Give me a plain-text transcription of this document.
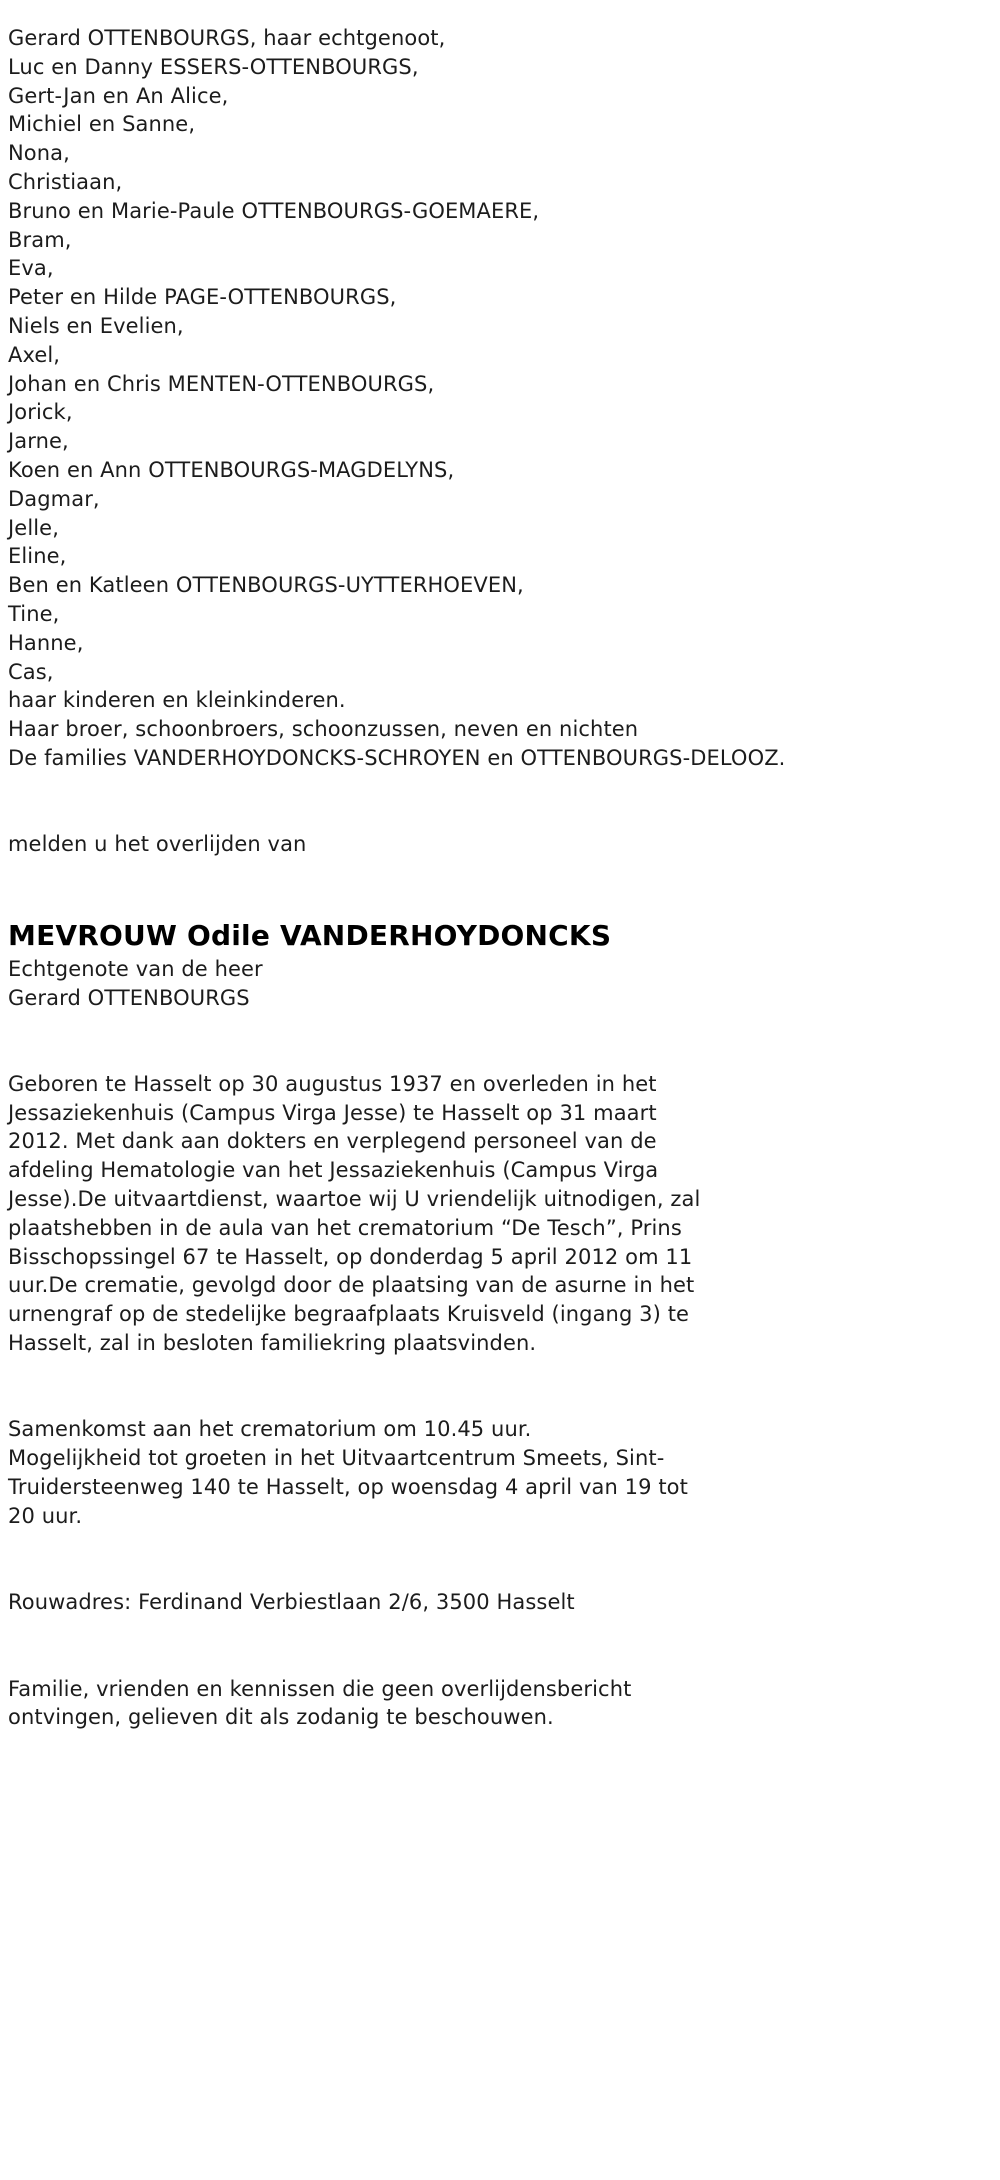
Gerard OTTENBOURGS, haar echtgenoot,
Luc en Danny ESSERS-OTTENBOURGS,
Gert-Jan en An Alice,
Michiel en Sanne,
Nona,
Christiaan,
Bruno en Marie-Paule OTTENBOURGS-GOEMAERE,
Bram,
Eva,
Peter en Hilde PAGE-OTTENBOURGS,
Niels en Evelien,
Axel,
Johan en Chris MENTEN-OTTENBOURGS,
Jorick,
Jarne,
Koen en Ann OTTENBOURGS-MAGDELYNS,
Dagmar,
Jelle,
Eline,
Ben en Katleen OTTENBOURGS-UYTTERHOEVEN,
Tine,
Hanne,
Cas,

haar kinderen en kleinkinderen.

Haar broer, schoonbroers, schoonzussen, neven en nichten

De families VANDERHOYDONCKS-SCHROYEN en OTTENBOURGS-DELOOZ.

melden u het overlijden van

MEVROUW Odile VANDERHOYDONCKS

Echtgenote van de heer

Gerard OTTENBOURGS

Geboren te Hasselt op 30 augustus 1937 en overleden in het Jessaziekenhuis (Campus Virga Jesse) te Hasselt op 31 maart 2012. Met dank aan dokters en verplegend personeel van de afdeling Hematologie van het Jessaziekenhuis (Campus Virga Jesse).De uitvaartdienst, waartoe wij U vriendelijk uitnodigen, zal plaatshebben in de aula van het crematorium “De Tesch”, Prins Bisschopssingel 67 te Hasselt, op donderdag 5 april 2012 om 11 uur.De crematie, gevolgd door de plaatsing van de asurne in het urnengraf op de stedelijke begraafplaats Kruisveld (ingang 3) te Hasselt, zal in besloten familiekring plaatsvinden.

Samenkomst aan het crematorium om 10.45 uur.

Mogelijkheid tot groeten in het Uitvaartcentrum Smeets, Sint-Truidersteenweg 140 te Hasselt, op woensdag 4 april van 19 tot 20 uur.

Rouwadres: Ferdinand Verbiestlaan 2/6, 3500 Hasselt

Familie, vrienden en kennissen die geen overlijdensbericht ontvingen, gelieven dit als zodanig te beschouwen.
